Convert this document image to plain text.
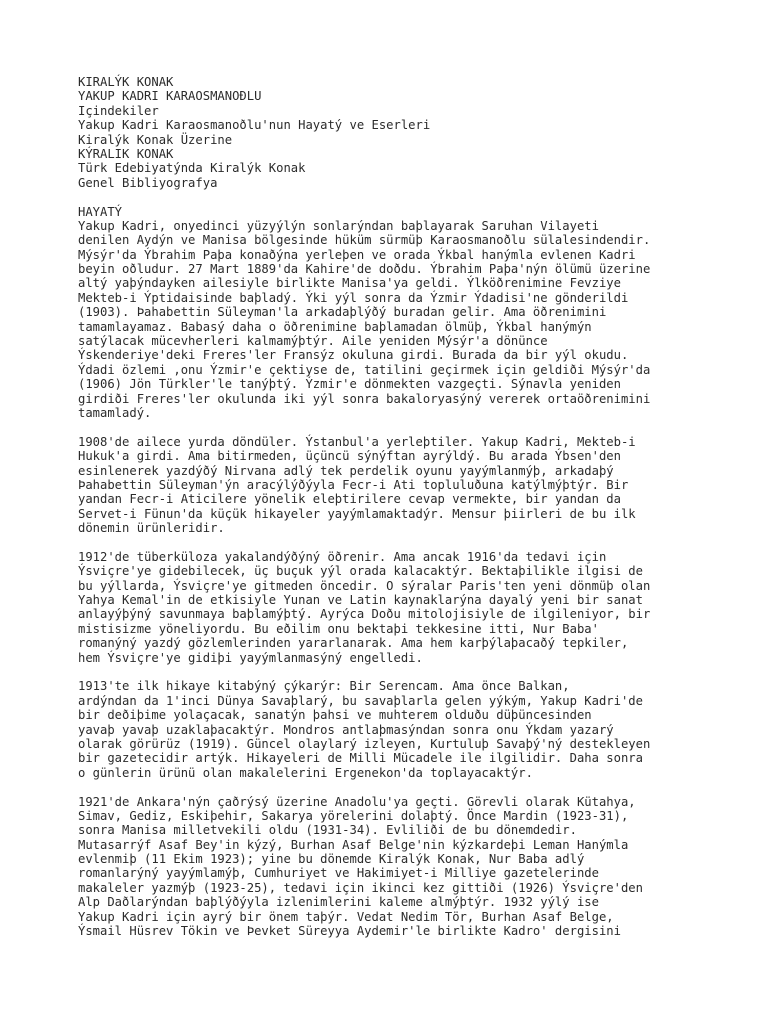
KIRALÝK KONAK
YAKUP KADRI KARAOSMANOÐLU
Içindekiler
Yakup Kadri Karaosmanoðlu'nun Hayatý ve Eserleri
Kiralýk Konak Üzerine
KÝRALIK KONAK
Türk Edebiyatýnda Kiralýk Konak
Genel Bibliyografya
HAYATÝ
Yakup Kadri, onyedinci yüzyýlýn sonlarýndan baþlayarak Saruhan Vilayeti
denilen Aydýn ve Manisa bölgesinde hüküm sürmüþ Karaosmanoðlu sülalesindendir.
Mýsýr'da Ýbrahim Paþa konaðýna yerleþen ve orada Ýkbal hanýmla evlenen Kadri
beyin oðludur. 27 Mart 1889'da Kahire'de doðdu. Ýbrahim Paþa'nýn ölümü üzerine
altý yaþýndayken ailesiyle birlikte Manisa'ya geldi. Ýlköðrenimine Fevziye
Mekteb-i Ýptidaisinde baþladý. Ýki yýl sonra da Ýzmir Ýdadisi'ne gönderildi
(1903). Þahabettin Süleyman'la arkadaþlýðý buradan gelir. Ama öðrenimini
tamamlayamaz. Babasý daha o öðrenimine baþlamadan ölmüþ, Ýkbal hanýmýn
satýlacak mücevherleri kalmamýþtýr. Aile yeniden Mýsýr'a dönünce
Ýskenderiye'deki Freres'ler Fransýz okuluna girdi. Burada da bir yýl okudu.
Ýdadi özlemi ,onu Ýzmir'e çektiyse de, tatilini geçirmek için geldiði Mýsýr'da
(1906) Jön Türkler'le tanýþtý. Ýzmir'e dönmekten vazgeçti. Sýnavla yeniden
girdiði Freres'ler okulunda iki yýl sonra bakaloryasýný vererek ortaöðrenimini
tamamladý.
1908'de ailece yurda döndüler. Ýstanbul'a yerleþtiler. Yakup Kadri, Mekteb-i
Hukuk'a girdi. Ama bitirmeden, üçüncü sýnýftan ayrýldý. Bu arada Ýbsen'den
esinlenerek yazdýðý Nirvana adlý tek perdelik oyunu yayýmlanmýþ, arkadaþý
Þahabettin Süleyman'ýn aracýlýðýyla Fecr-i Ati topluluðuna katýlmýþtýr. Bir
yandan Fecr-i Aticilere yönelik eleþtirilere cevap vermekte, bir yandan da
Servet-i Fünun'da küçük hikayeler yayýmlamaktadýr. Mensur þiirleri de bu ilk
dönemin ürünleridir.
1912'de tüberküloza yakalandýðýný öðrenir. Ama ancak 1916'da tedavi için
Ýsviçre'ye gidebilecek, üç buçuk yýl orada kalacaktýr. Bektaþilikle ilgisi de
bu yýllarda, Ýsviçre'ye gitmeden öncedir. O sýralar Paris'ten yeni dönmüþ olan
Yahya Kemal'in de etkisiyle Yunan ve Latin kaynaklarýna dayalý yeni bir sanat
anlayýþýný savunmaya baþlamýþtý. Ayrýca Doðu mitolojisiyle de ilgileniyor, bir
mistisizme yöneliyordu. Bu eðilim onu bektaþi tekkesine itti, Nur Baba'
romanýný yazdý gözlemlerinden yararlanarak. Ama hem karþýlaþacaðý tepkiler,
hem Ýsviçre'ye gidiþi yayýmlanmasýný engelledi.
1913'te ilk hikaye kitabýný çýkarýr: Bir Serencam. Ama önce Balkan,
ardýndan da 1'inci Dünya Savaþlarý, bu savaþlarla gelen yýkým, Yakup Kadri'de
bir deðiþime yolaçacak, sanatýn þahsi ve muhterem olduðu düþüncesinden
yavaþ yavaþ uzaklaþacaktýr. Mondros antlaþmasýndan sonra onu Ýkdam yazarý
olarak görürüz (1919). Güncel olaylarý izleyen, Kurtuluþ Savaþý'ný destekleyen
bir gazetecidir artýk. Hikayeleri de Milli Mücadele ile ilgilidir. Daha sonra
o günlerin ürünü olan makalelerini Ergenekon'da toplayacaktýr.
1921'de Ankara'nýn çaðrýsý üzerine Anadolu'ya geçti. Görevli olarak Kütahya,
Simav, Gediz, Eskiþehir, Sakarya yörelerini dolaþtý. Önce Mardin (1923-31),
sonra Manisa milletvekili oldu (1931-34). Evliliði de bu dönemdedir.
Mutasarrýf Asaf Bey'in kýzý, Burhan Asaf Belge'nin kýzkardeþi Leman Hanýmla
evlenmiþ (11 Ekim 1923); yine bu dönemde Kiralýk Konak, Nur Baba adlý
romanlarýný yayýmlamýþ, Cumhuriyet ve Hakimiyet-i Milliye gazetelerinde
makaleler yazmýþ (1923-25), tedavi için ikinci kez gittiði (1926) Ýsviçre'den
Alp Daðlarýndan baþlýðýyla izlenimlerini kaleme almýþtýr. 1932 yýlý ise
Yakup Kadri için ayrý bir önem taþýr. Vedat Nedim Tör, Burhan Asaf Belge,
Ýsmail Hüsrev Tökin ve Þevket Süreyya Aydemir'le birlikte Kadro' dergisini
